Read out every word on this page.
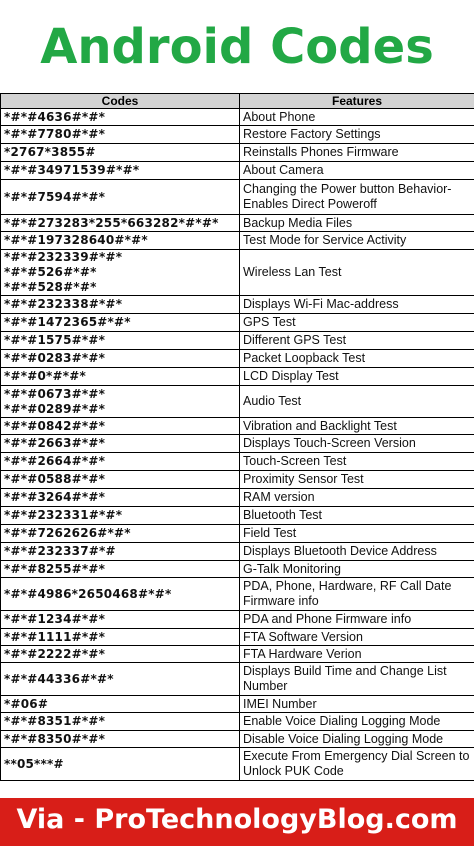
Android Codes
Codes	Features

*#*#4636#*#*	About Phone

*#*#7780#*#*	Restore Factory Settings

*2767*3855#	Reinstalls Phones Firmware

*#*#34971539#*#*	About Camera

*#*#7594#*#*	Changing the Power button Behavior-Enables Direct Poweroff

*#*#273283*255*663282*#*#*	Backup Media Files

*#*#197328640#*#*	Test Mode for Service Activity

*#*#232339#*#*
*#*#526#*#*
*#*#528#*#*	Wireless Lan Test

*#*#232338#*#*	Displays Wi-Fi Mac-address

*#*#1472365#*#*	GPS Test

*#*#1575#*#*	Different GPS Test

*#*#0283#*#*	Packet Loopback Test

*#*#0*#*#*	LCD Display Test

*#*#0673#*#*
*#*#0289#*#*	Audio Test

*#*#0842#*#*	Vibration and Backlight Test

*#*#2663#*#*	Displays Touch-Screen Version

*#*#2664#*#*	Touch-Screen Test

*#*#0588#*#*	Proximity Sensor Test

*#*#3264#*#*	RAM version

*#*#232331#*#*	Bluetooth Test

*#*#7262626#*#*	Field Test

*#*#232337#*#	Displays Bluetooth Device Address

*#*#8255#*#*	G-Talk Monitoring

*#*#4986*2650468#*#*	PDA, Phone, Hardware, RF Call Date Firmware info

*#*#1234#*#*	PDA and Phone Firmware info

*#*#1111#*#*	FTA Software Version

*#*#2222#*#*	FTA Hardware Verion

*#*#44336#*#*	Displays Build Time and Change List Number

*#06#	IMEI Number

*#*#8351#*#*	Enable Voice Dialing Logging Mode

*#*#8350#*#*	Disable Voice Dialing Logging Mode

**05***#	Execute From Emergency Dial Screen to Unlock PUK Code
Via - ProTechnologyBlog.com
